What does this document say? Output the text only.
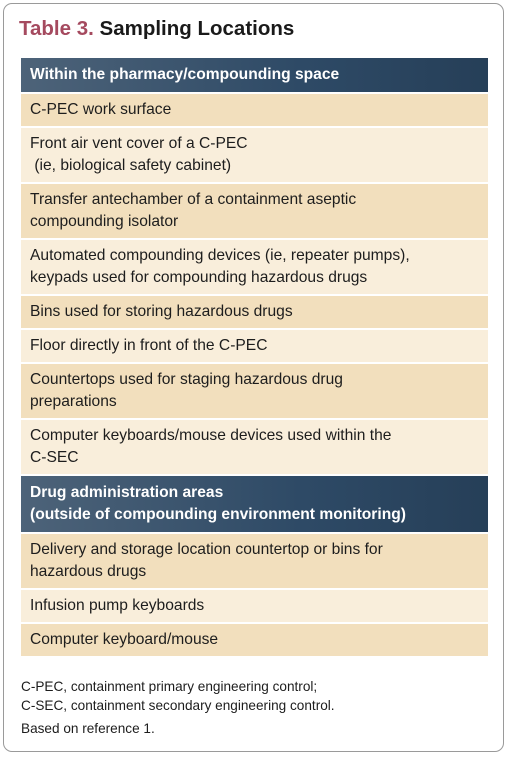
Table 3. Sampling Locations
Within the pharmacy/compounding space

C-PEC work surface

Front air vent cover of a C-PEC
(ie, biological safety cabinet)

Transfer antechamber of a containment aseptic
compounding isolator

Automated compounding devices (ie, repeater pumps),
keypads used for compounding hazardous drugs

Bins used for storing hazardous drugs

Floor directly in front of the C-PEC

Countertops used for staging hazardous drug
preparations

Computer keyboards/mouse devices used within the
C-SEC

Drug administration areas
(outside of compounding environment monitoring)

Delivery and storage location countertop or bins for
hazardous drugs

Infusion pump keyboards

Computer keyboard/mouse
C-PEC, containment primary engineering control;
C-SEC, containment secondary engineering control.
Based on reference 1.
